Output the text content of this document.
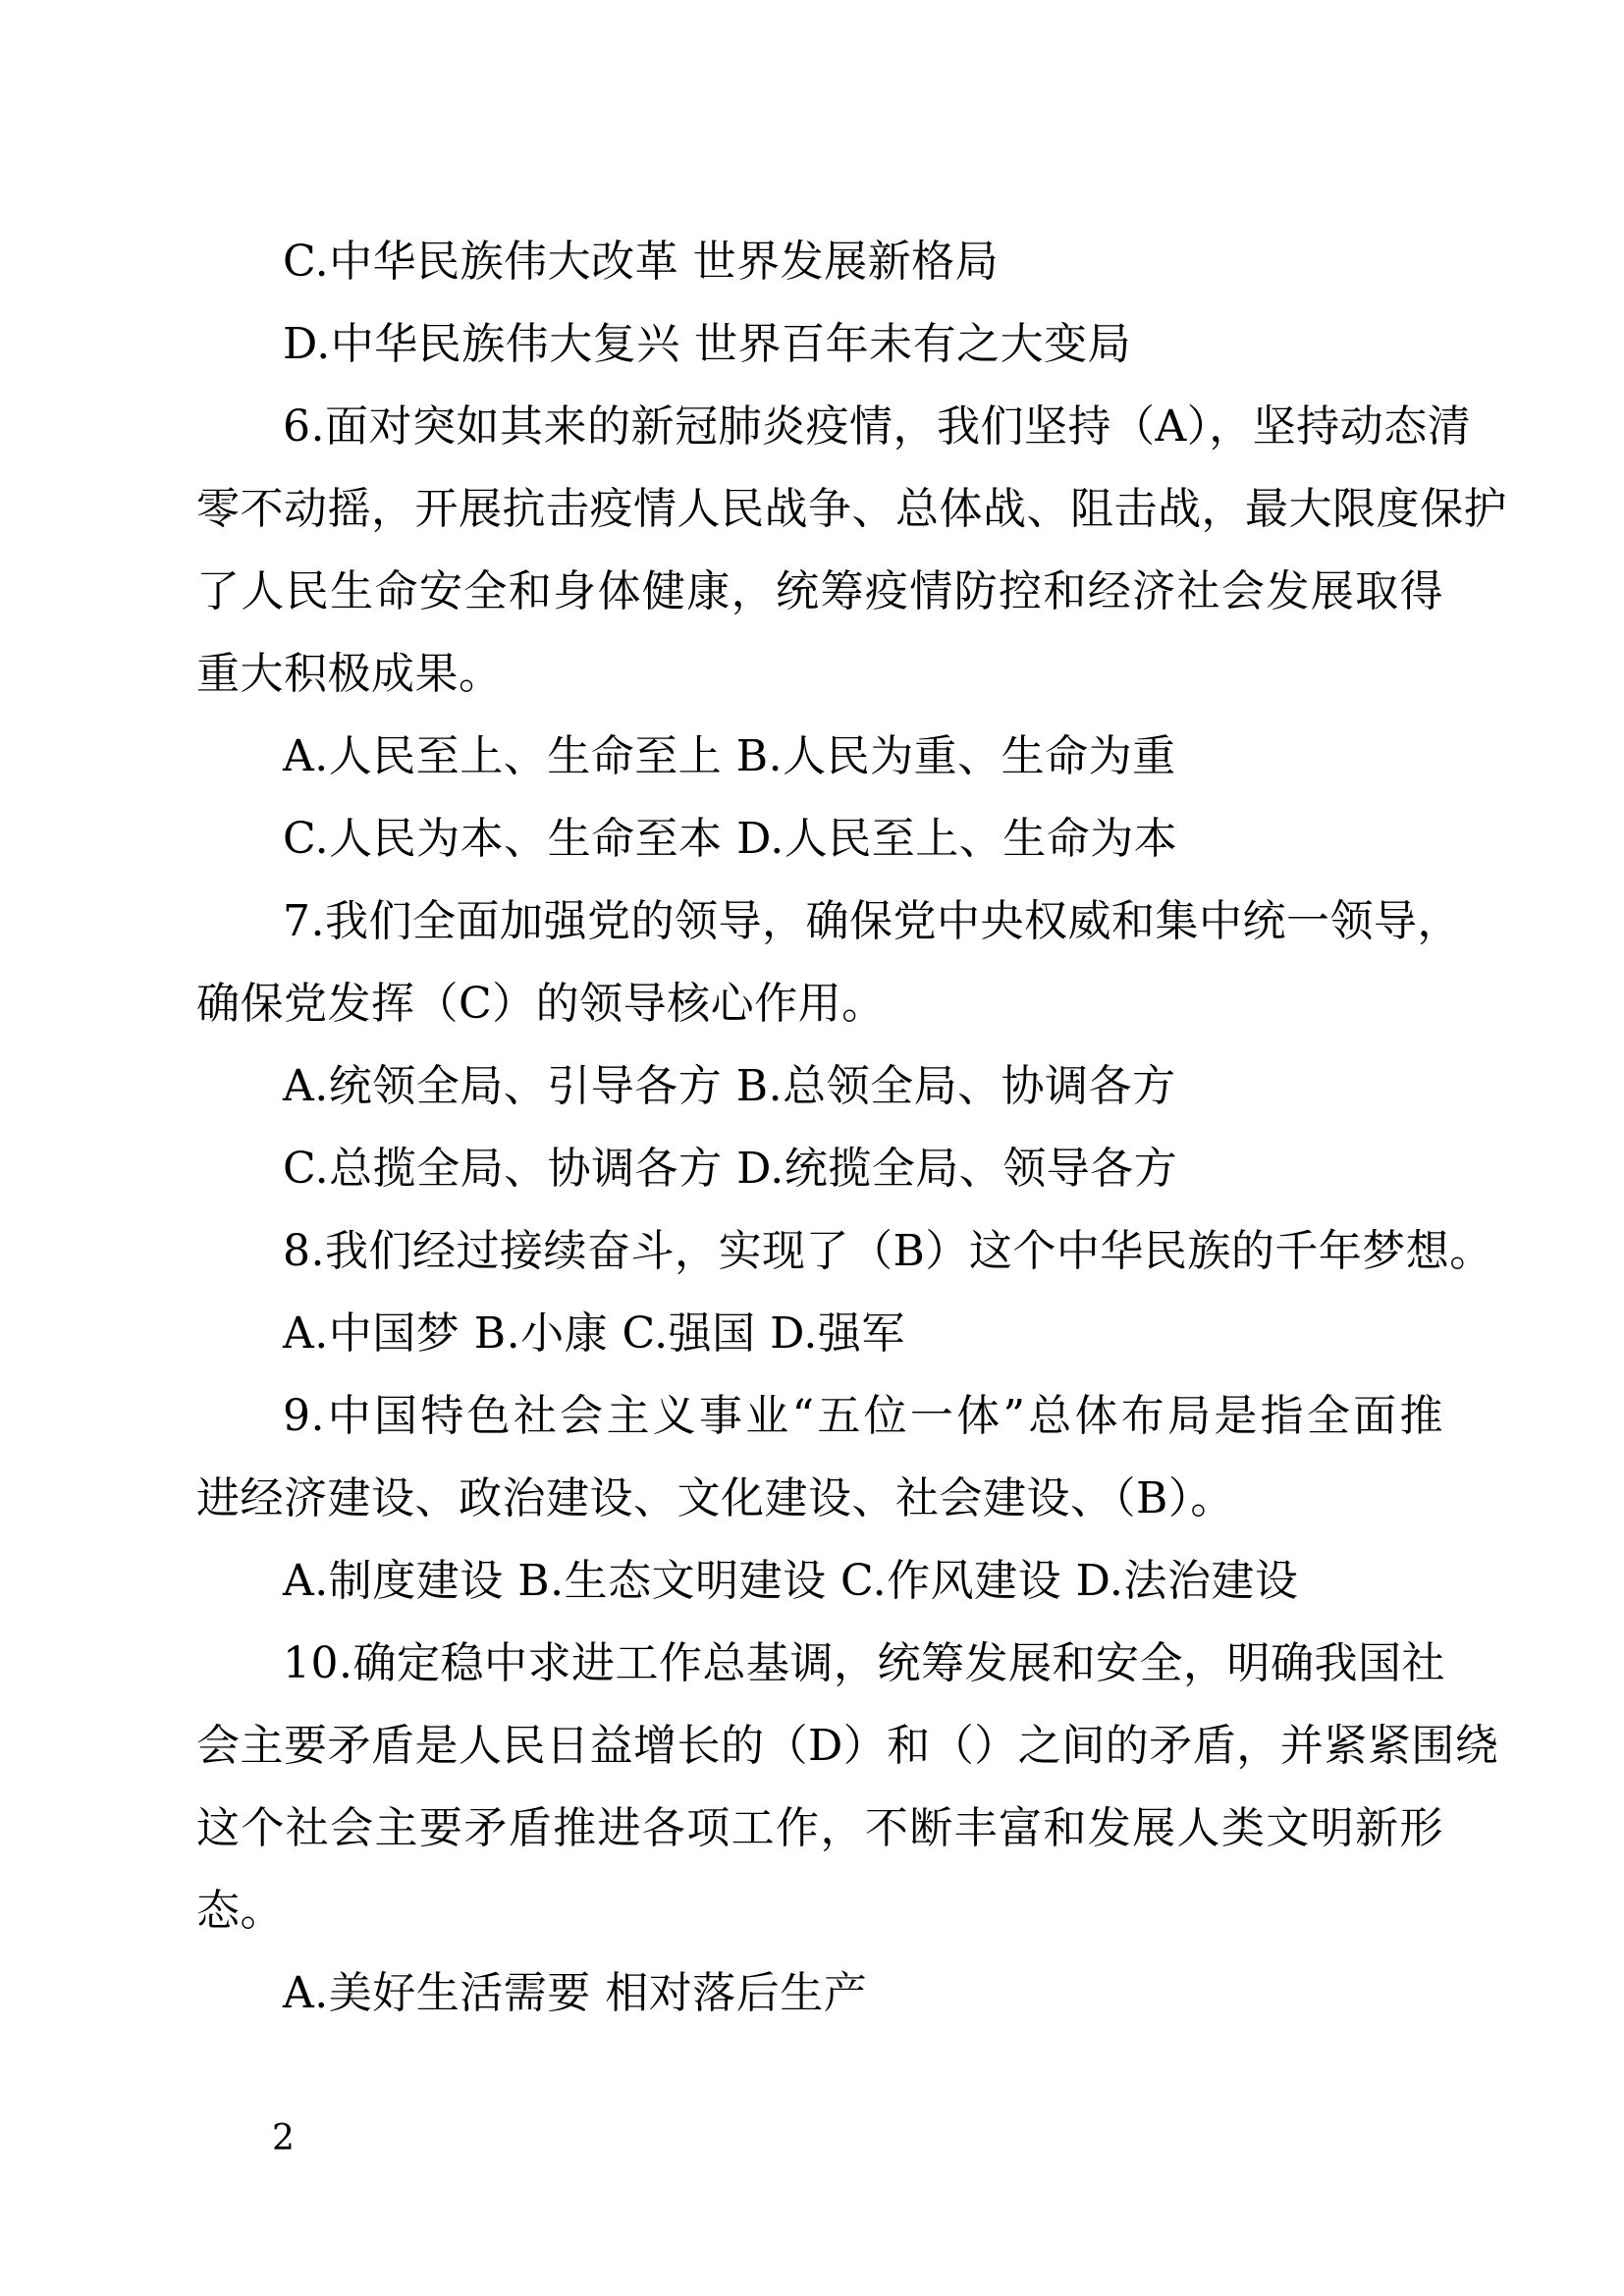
C.中华民族伟大改革 世界发展新格局
D.中华民族伟大复兴 世界百年未有之大变局
6.面对突如其来的新冠肺炎疫情，我们坚持（A），坚持动态清
零不动摇，开展抗击疫情人民战争、总体战、阻击战，最大限度保护
了人民生命安全和身体健康，统筹疫情防控和经济社会发展取得
重大积极成果。
A.人民至上、生命至上 B.人民为重、生命为重
C.人民为本、生命至本 D.人民至上、生命为本
7.我们全面加强党的领导，确保党中央权威和集中统一领导，
确保党发挥（C）的领导核心作用。
A.统领全局、引导各方 B.总领全局、协调各方
C.总揽全局、协调各方 D.统揽全局、领导各方
8.我们经过接续奋斗，实现了（B）这个中华民族的千年梦想。
A.中国梦 B.小康 C.强国 D.强军
9.中国特色社会主义事业“五位一体”总体布局是指全面推
进经济建设、政治建设、文化建设、社会建设、（B）。
A.制度建设 B.生态文明建设 C.作风建设 D.法治建设
10.确定稳中求进工作总基调，统筹发展和安全，明确我国社
会主要矛盾是人民日益增长的（D）和（）之间的矛盾，并紧紧围绕
这个社会主要矛盾推进各项工作，不断丰富和发展人类文明新形
态。
A.美好生活需要 相对落后生产
2
